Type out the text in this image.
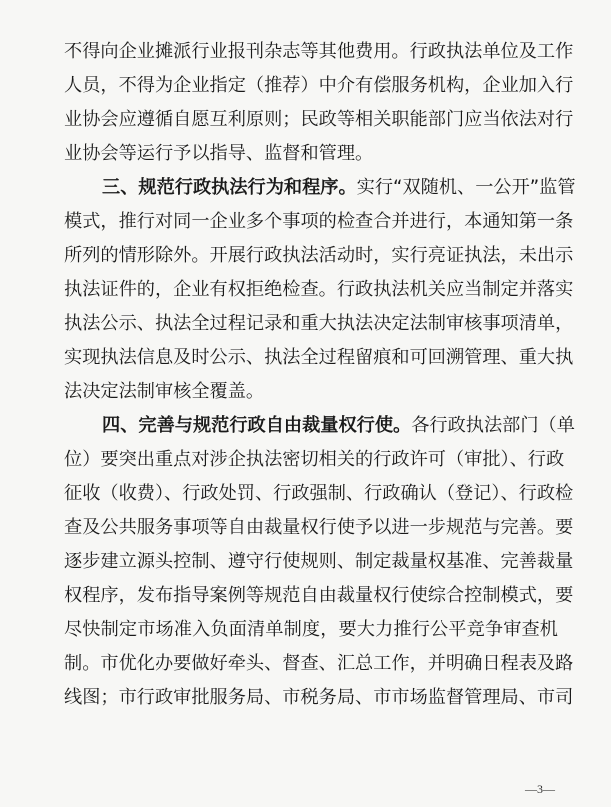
不得向企业摊派行业报刊杂志等其他费用。行政执法单位及工作
人员，不得为企业指定（推荐）中介有偿服务机构，企业加入行
业协会应遵循自愿互利原则；民政等相关职能部门应当依法对行
业协会等运行予以指导、监督和管理。
三、规范行政执法行为和程序。实行“双随机、一公开”监管
模式，推行对同一企业多个事项的检查合并进行，本通知第一条
所列的情形除外。开展行政执法活动时，实行亮证执法，未出示
执法证件的，企业有权拒绝检查。行政执法机关应当制定并落实
执法公示、执法全过程记录和重大执法决定法制审核事项清单，
实现执法信息及时公示、执法全过程留痕和可回溯管理、重大执
法决定法制审核全覆盖。
四、完善与规范行政自由裁量权行使。各行政执法部门（单
位）要突出重点对涉企执法密切相关的行政许可（审批）、行政
征收（收费）、行政处罚、行政强制、行政确认（登记）、行政检
查及公共服务事项等自由裁量权行使予以进一步规范与完善。要
逐步建立源头控制、遵守行使规则、制定裁量权基准、完善裁量
权程序，发布指导案例等规范自由裁量权行使综合控制模式，要
尽快制定市场准入负面清单制度，要大力推行公平竞争审查机
制。市优化办要做好牵头、督查、汇总工作，并明确日程表及路
线图；市行政审批服务局、市税务局、市市场监督管理局、市司
—3—
